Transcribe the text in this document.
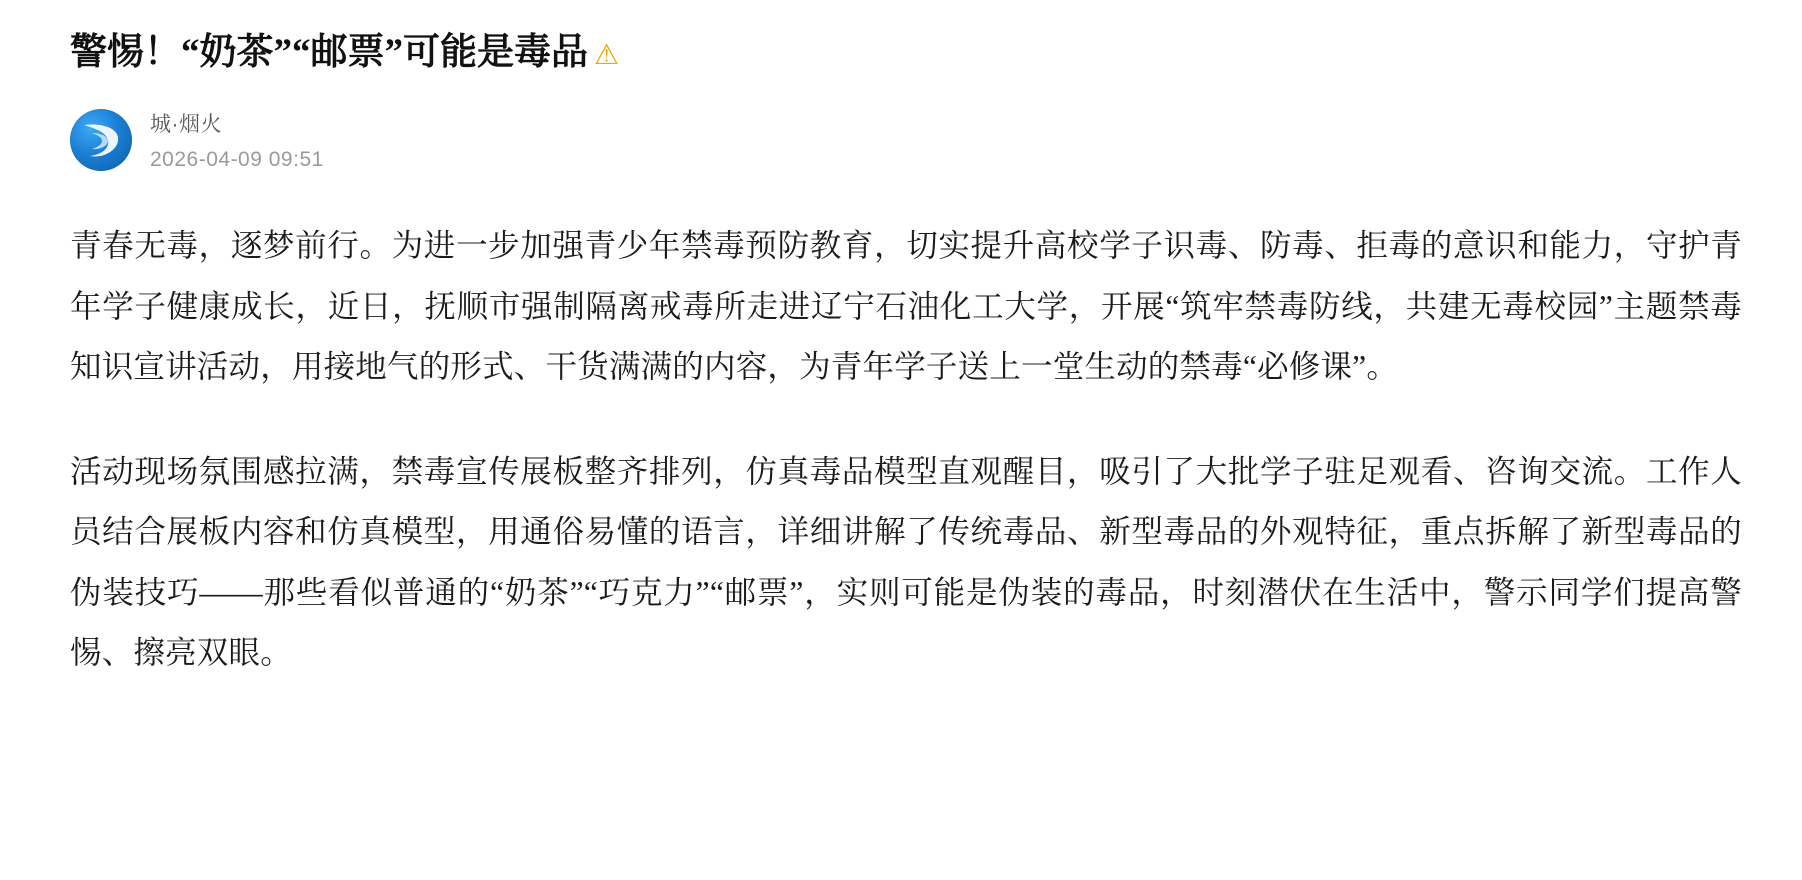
警惕！“奶茶”“邮票”可能是毒品 ⚠
城·烟火
2026-04-09 09:51

青春无毒，逐梦前行。为进一步加强青少年禁毒预防教育，切实提升高校学子识毒、防毒、拒毒的意识和能力，守护青年学子健康成长，近日，抚顺市强制隔离戒毒所走进辽宁石油化工大学，开展“筑牢禁毒防线，共建无毒校园”主题禁毒知识宣讲活动，用接地气的形式、干货满满的内容，为青年学子送上一堂生动的禁毒“必修课”。

活动现场氛围感拉满，禁毒宣传展板整齐排列，仿真毒品模型直观醒目，吸引了大批学子驻足观看、咨询交流。工作人员结合展板内容和仿真模型，用通俗易懂的语言，详细讲解了传统毒品、新型毒品的外观特征，重点拆解了新型毒品的伪装技巧——那些看似普通的“奶茶”“巧克力”“邮票”，实则可能是伪装的毒品，时刻潜伏在生活中，警示同学们提高警惕、擦亮双眼。
